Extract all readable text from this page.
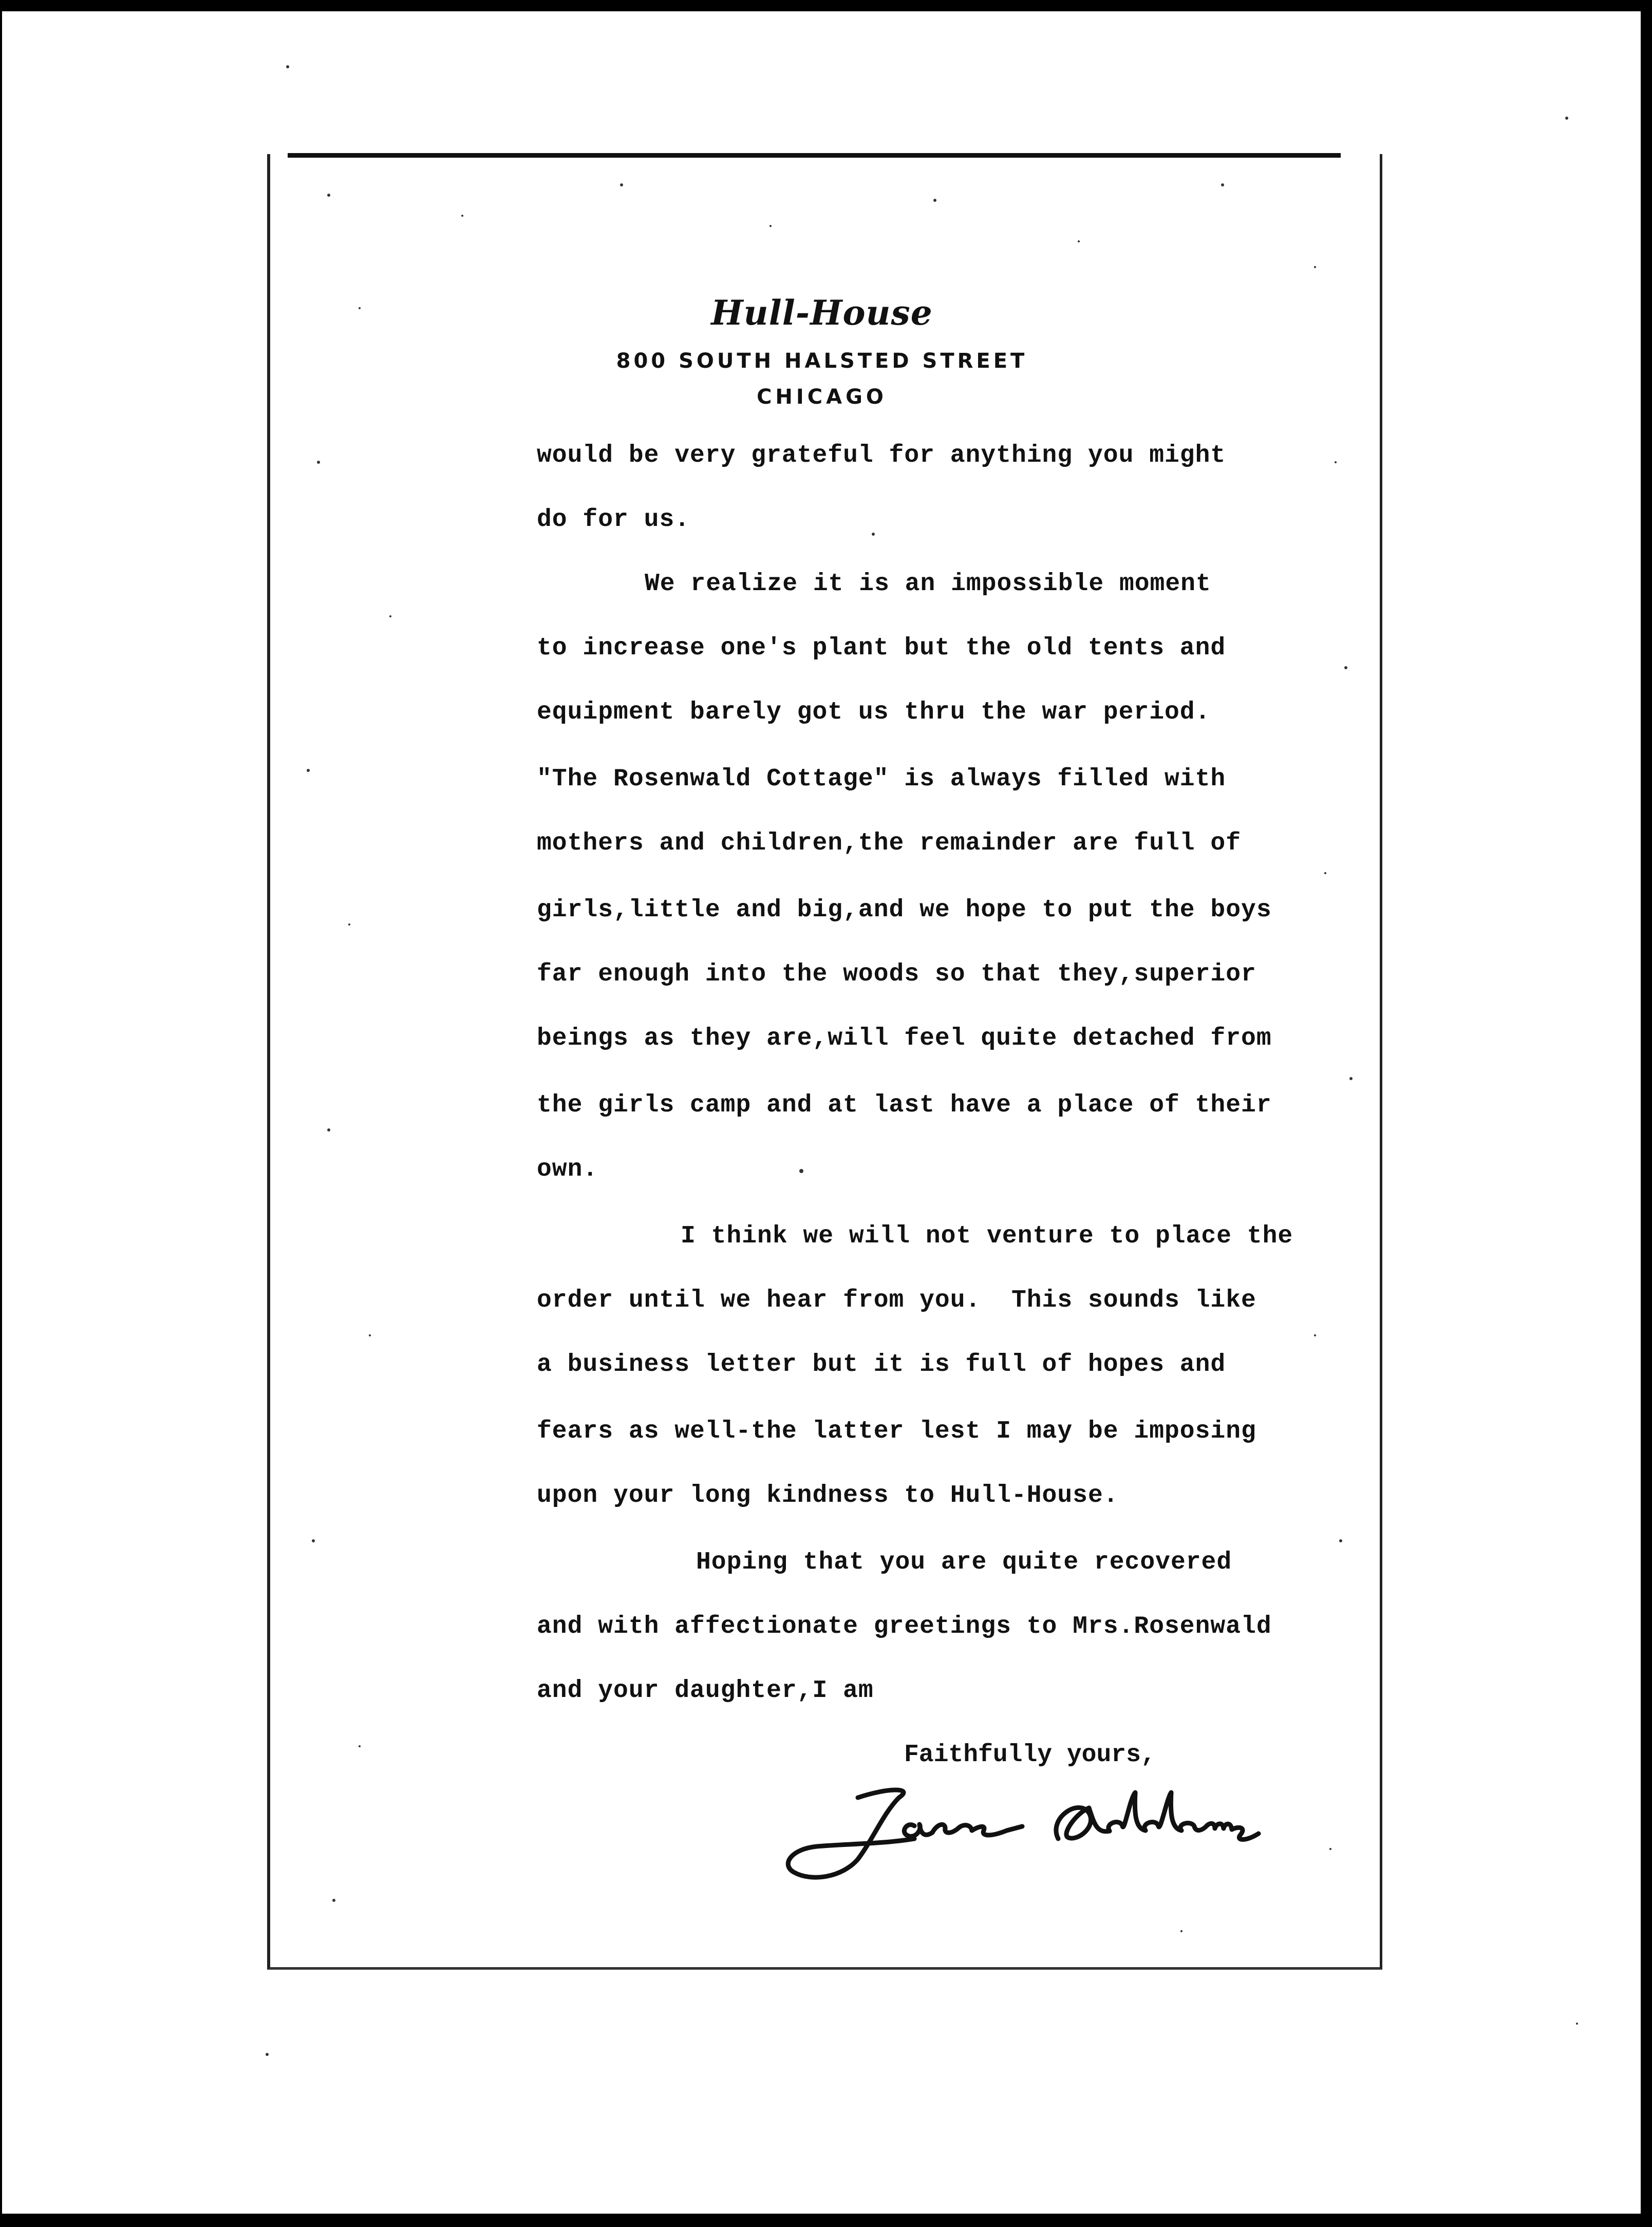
Hull-House
800 SOUTH HALSTED STREET
CHICAGO
would be very grateful for anything you might
do for us.
We realize it is an impossible moment
to increase one's plant but the old tents and
equipment barely got us thru the war period.
"The Rosenwald Cottage" is always filled with
mothers and children,the remainder are full of
girls,little and big,and we hope to put the boys
far enough into the woods so that they,superior
beings as they are,will feel quite detached from
the girls camp and at last have a place of their
own.
I think we will not venture to place the
order until we hear from you.  This sounds like
a business letter but it is full of hopes and
fears as well-the latter lest I may be imposing
upon your long kindness to Hull-House.
Hoping that you are quite recovered
and with affectionate greetings to Mrs.Rosenwald
and your daughter,I am
Faithfully yours,
